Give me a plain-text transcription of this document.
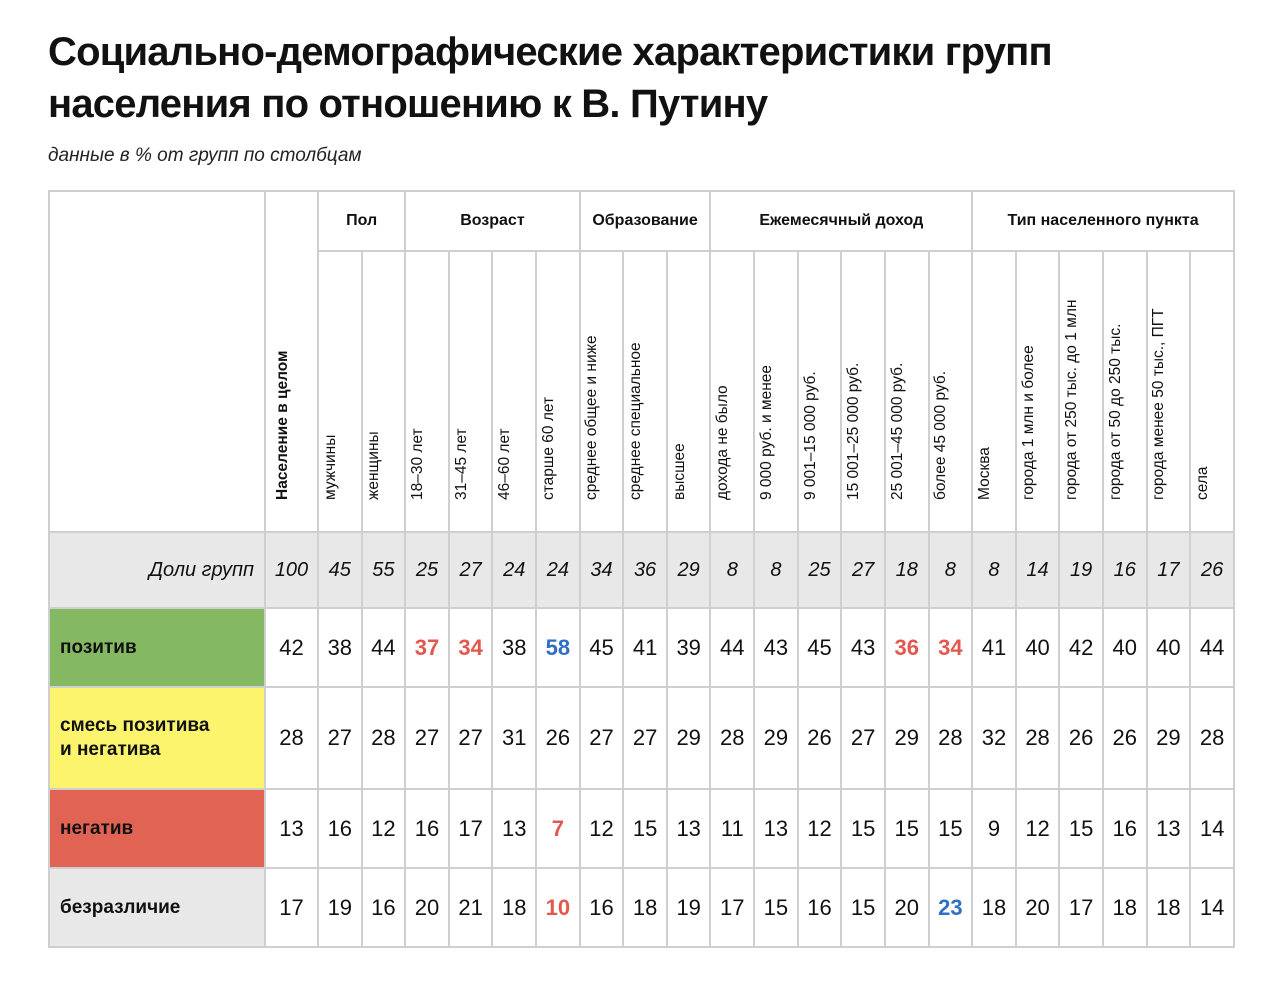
Социально-демографические характеристики групп населения по отношению к В. Путину

данные в % от групп по столбцам

	Население в целом	Пол		Возраст				Образование			Ежемесячный доход						Тип населенного пункта					

		мужчины	женщины	18–30 лет	31–45 лет	46–60 лет	старше 60 лет	среднее общее и ниже	среднее специальное	высшее	дохода не было	9 000 руб. и менее	9 001–15 000 руб.	15 001–25 000 руб.	25 001–45 000 руб.	более 45 000 руб.	Москва	города 1 млн и более	города от 250 тыс. до 1 млн	города от 50 до 250 тыс.	города менее 50 тыс., ПГТ	села

Доли групп	100	45	55	25	27	24	24	34	36	29	8	8	25	27	18	8	8	14	19	16	17	26
позитив	42	38	44	37	34	38	58	45	41	39	44	43	45	43	36	34	41	40	42	40	40	44
смесь позитива и негатива	28	27	28	27	27	31	26	27	27	29	28	29	26	27	29	28	32	28	26	26	29	28
негатив	13	16	12	16	17	13	7	12	15	13	11	13	12	15	15	15	9	12	15	16	13	14
безразличие	17	19	16	20	21	18	10	16	18	19	17	15	16	15	20	23	18	20	17	18	18	14
